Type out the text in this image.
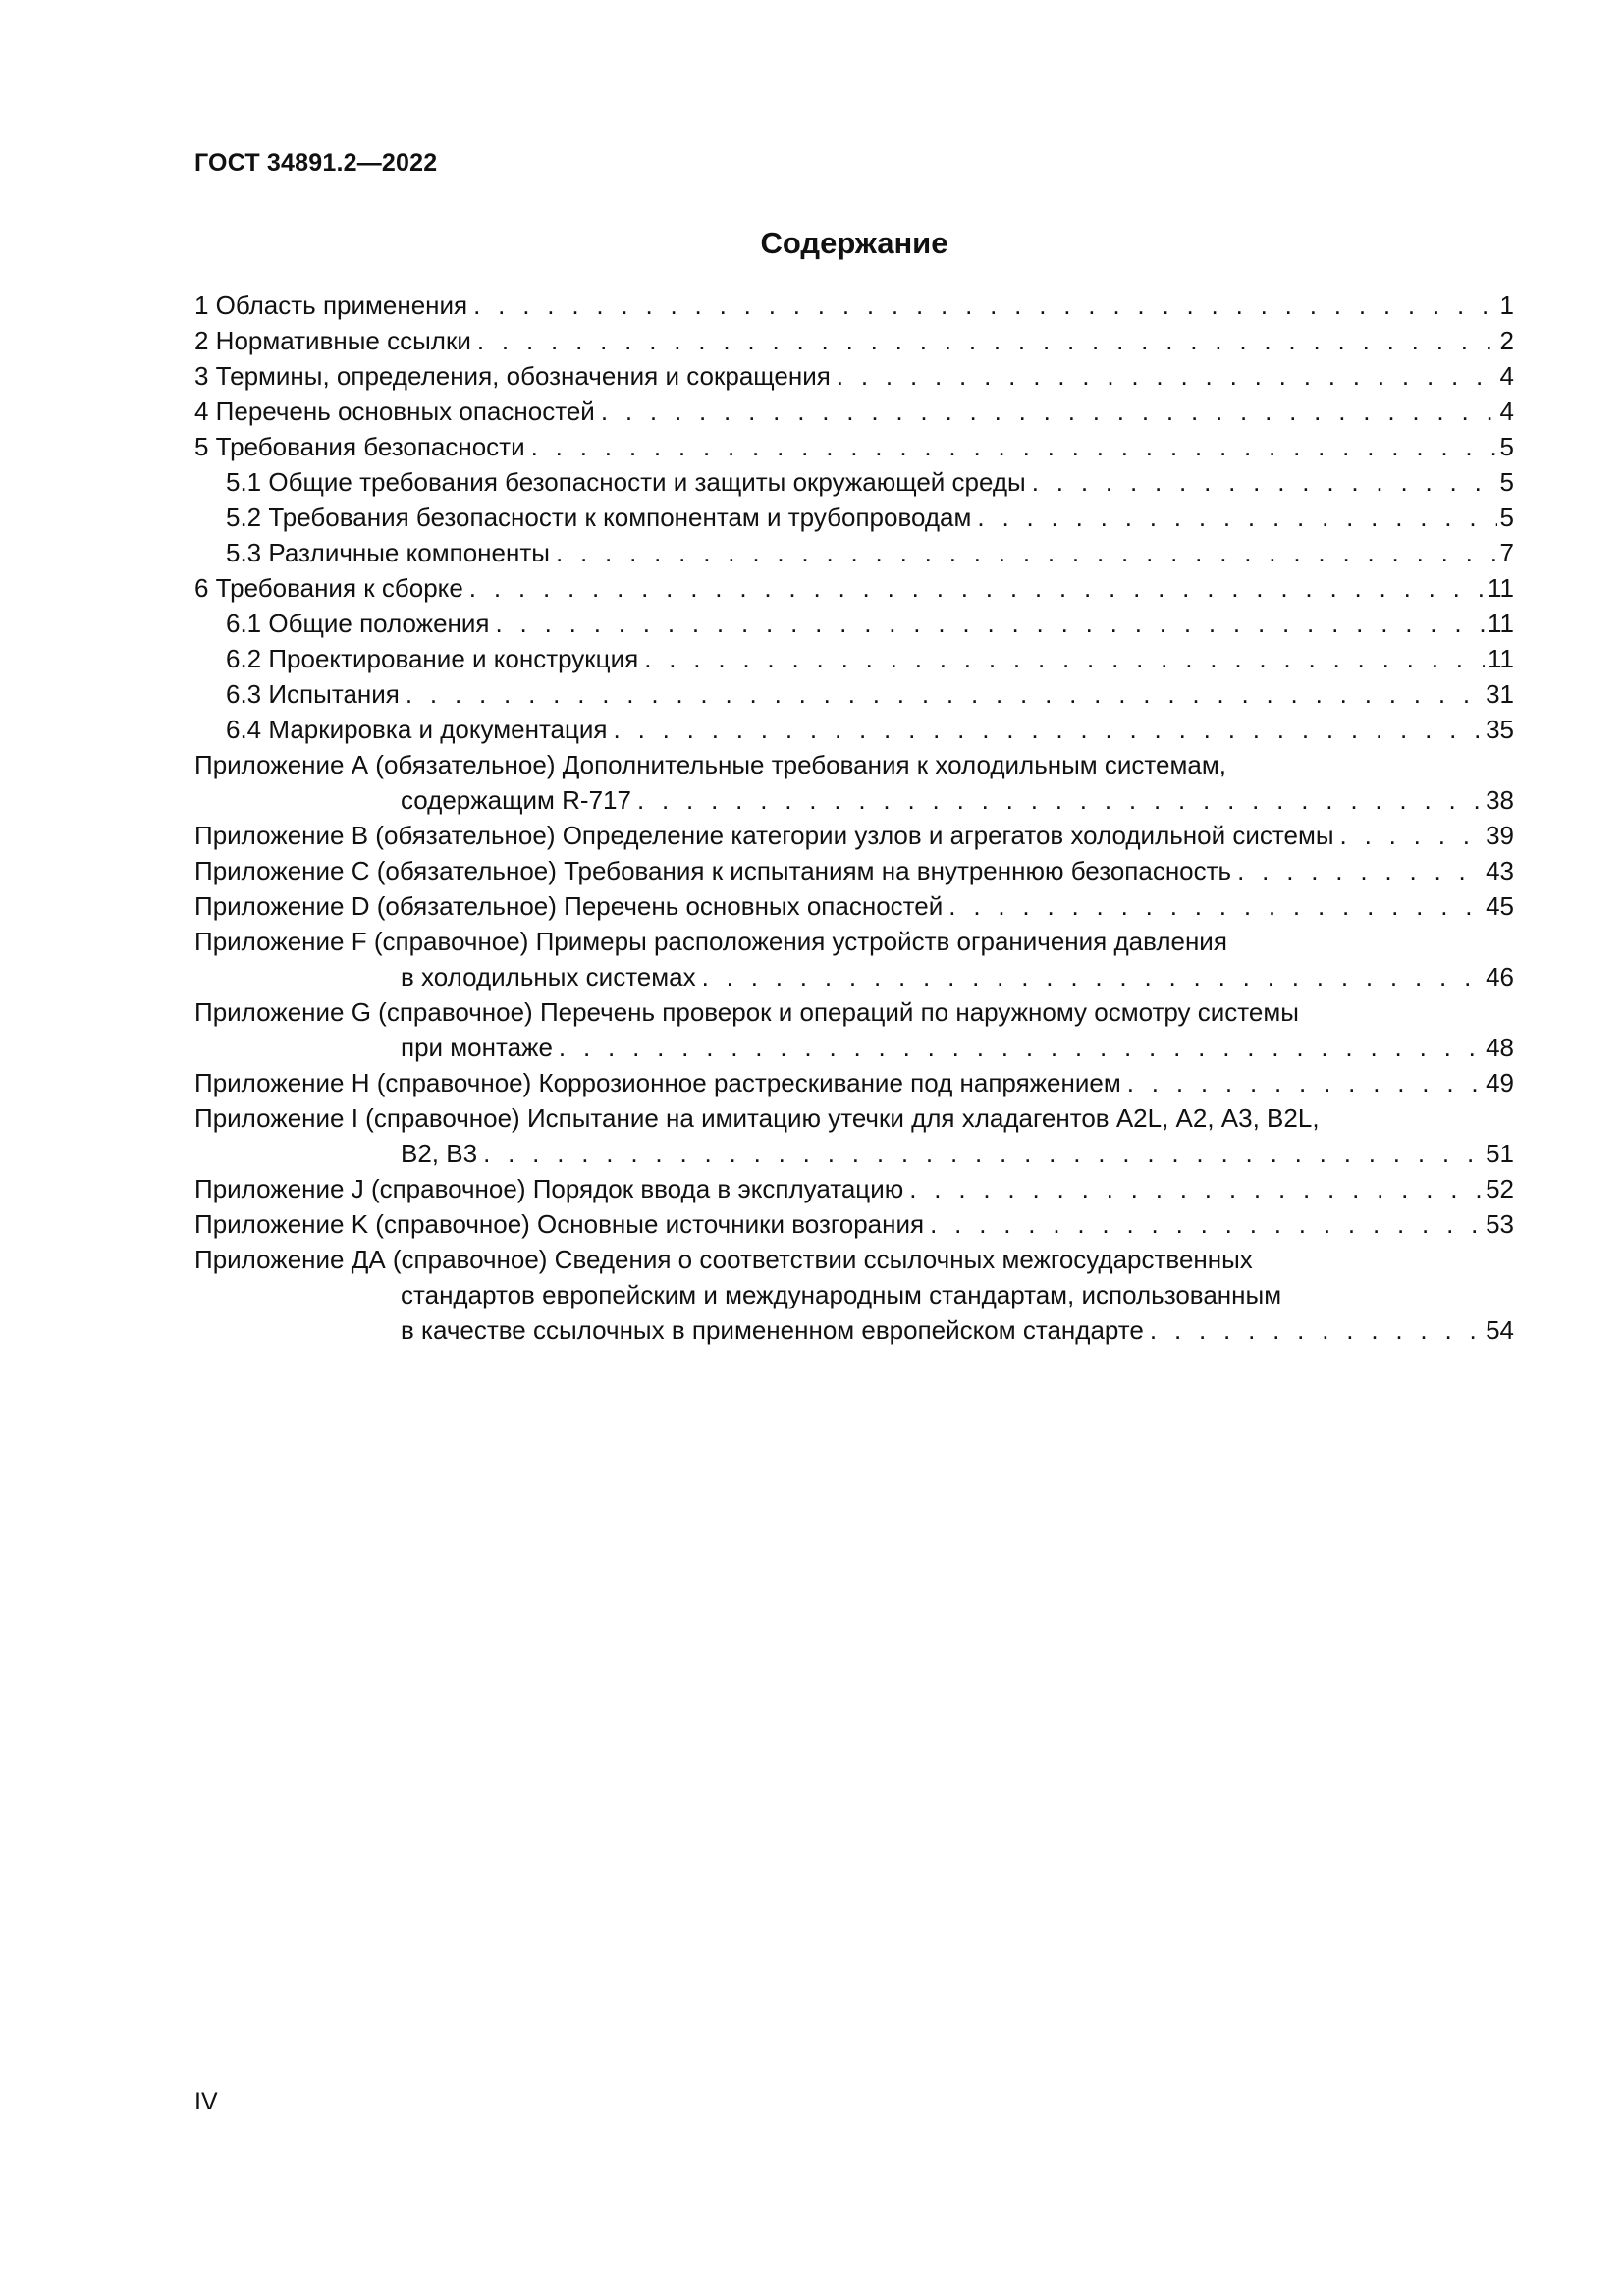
ГОСТ 34891.2—2022
Содержание
1 Область применения . . .	1
2 Нормативные ссылки . . .	2
3 Термины, определения, обозначения и сокращения . . .	4
4 Перечень основных опасностей . . .	4
5 Требования безопасности . . .	5
5.1 Общие требования безопасности и защиты окружающей среды . . .	5
5.2 Требования безопасности к компонентам и трубопроводам . . .	5
5.3 Различные компоненты . . .	7
6 Требования к сборке . . .	11
6.1 Общие положения . . .	11
6.2 Проектирование и конструкция . . .	11
6.3 Испытания . . .	31
6.4 Маркировка и документация . . .	35
Приложение А (обязательное) Дополнительные требования к холодильным системам,
содержащим R-717 . . .	38
Приложение В (обязательное) Определение категории узлов и агрегатов холодильной системы . . .	39
Приложение С (обязательное) Требования к испытаниям на внутреннюю безопасность . . .	43
Приложение D (обязательное) Перечень основных опасностей . . .	45
Приложение F (справочное) Примеры расположения устройств ограничения давления
в холодильных системах . . .	46
Приложение G (справочное) Перечень проверок и операций по наружному осмотру системы
при монтаже . . .	48
Приложение Н (справочное) Коррозионное растрескивание под напряжением . . .	49
Приложение I (справочное) Испытание на имитацию утечки для хладагентов A2L, А2, A3, B2L,
В2, В3 . . .	51
Приложение J (справочное) Порядок ввода в эксплуатацию . . .	52
Приложение K (справочное) Основные источники возгорания . . .	53
Приложение ДА (справочное) Сведения о соответствии ссылочных межгосударственных
стандартов европейским и международным стандартам, использованным
в качестве ссылочных в примененном европейском стандарте . . .	54
IV
